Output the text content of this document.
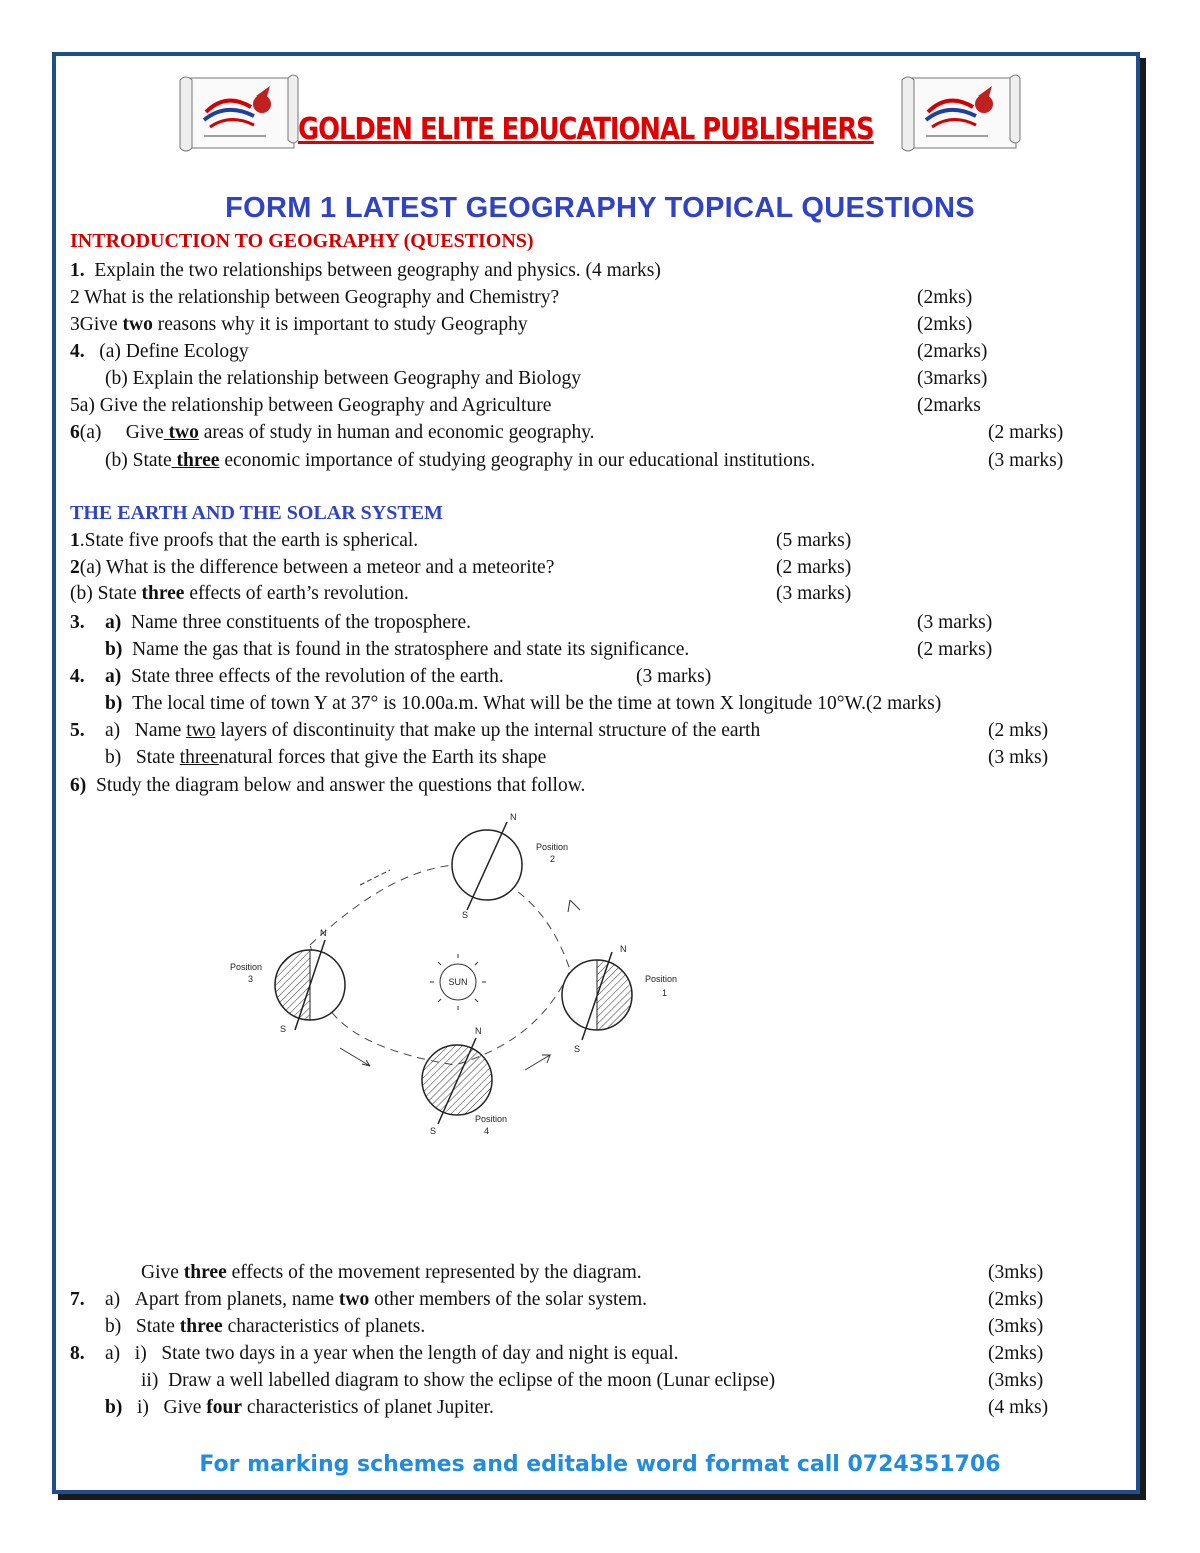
GOLDEN ELITE EDUCATIONAL PUBLISHERS
FORM 1 LATEST GEOGRAPHY TOPICAL QUESTIONS
INTRODUCTION TO GEOGRAPHY (QUESTIONS)
1. Explain the two relationships between geography and physics. (4 marks)
2 What is the relationship between Geography and Chemistry?	(2mks)
3Give two reasons why it is important to study Geography	(2mks)
4. (a) Define Ecology	(2marks)
(b) Explain the relationship between Geography and Biology	(3marks)
5a) Give the relationship between Geography and Agriculture	(2marks
6(a) Give two areas of study in human and economic geography.	(2 marks)
(b) State three economic importance of studying geography in our educational institutions.	(3 marks)
THE EARTH AND THE SOLAR SYSTEM
1.State five proofs that the earth is spherical.	(5 marks)
2(a) What is the difference between a meteor and a meteorite?	(2 marks)
(b) State three effects of earth’s revolution.	(3 marks)
3. a) Name three constituents of the troposphere.	(3 marks)
b) Name the gas that is found in the stratosphere and state its significance.	(2 marks)
4. a) State three effects of the revolution of the earth.	(3 marks)
b) The local time of town Y at 37° is 10.00a.m. What will be the time at town X longitude 10°W.(2 marks)
5. a) Name two layers of discontinuity that make up the internal structure of the earth	(2 mks)
b) State threenatural forces that give the Earth its shape	(3 mks)
6) Study the diagram below and answer the questions that follow.
SUN
N
S
Position
2
N
S
Position
3
N
S
Position
1
N
S
Position
4
Give three effects of the movement represented by the diagram.	(3mks)
7. a) Apart from planets, name two other members of the solar system.	(2mks)
b) State three characteristics of planets.	(3mks)
8. a) i) State two days in a year when the length of day and night is equal.	(2mks)
ii) Draw a well labelled diagram to show the eclipse of the moon (Lunar eclipse)	(3mks)
b) i) Give four characteristics of planet Jupiter.	(4 mks)
For marking schemes and editable word format call 0724351706
